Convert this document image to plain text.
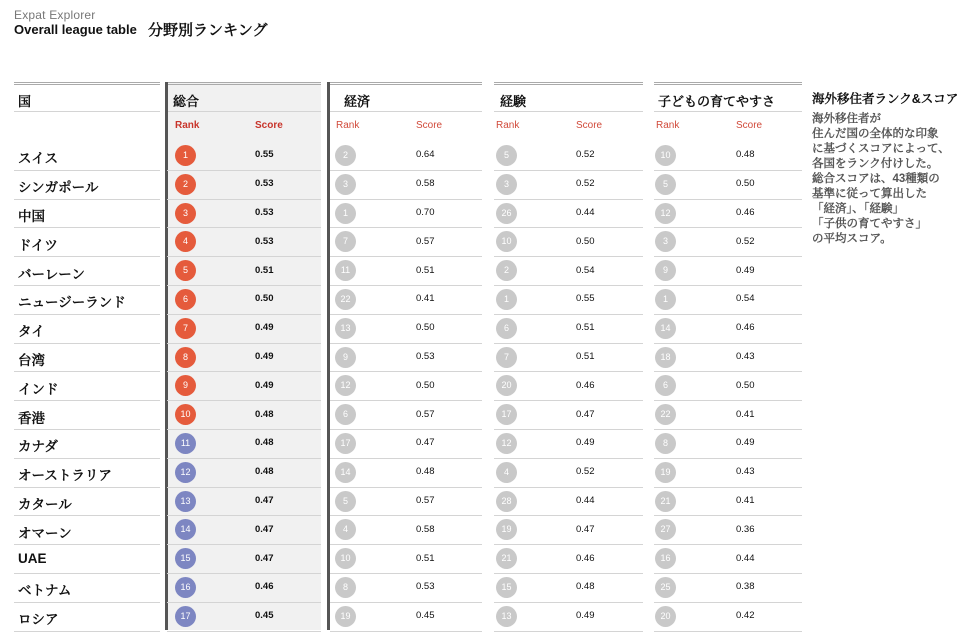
Expat Explorer
Overall league table 分野別ランキング
国	総合
Rank	Score
経済
Rank	Score
経験
Rank	Score
子どもの育てやすさ
Rank	Score
スイス	1	0.55	2	0.64	5	0.52	10	0.48
シンガポール	2	0.53	3	0.58	3	0.52	5	0.50
中国	3	0.53	1	0.70	26	0.44	12	0.46
ドイツ	4	0.53	7	0.57	10	0.50	3	0.52
バーレーン	5	0.51	11	0.51	2	0.54	9	0.49
ニュージーランド	6	0.50	22	0.41	1	0.55	1	0.54
タイ	7	0.49	13	0.50	6	0.51	14	0.46
台湾	8	0.49	9	0.53	7	0.51	18	0.43
インド	9	0.49	12	0.50	20	0.46	6	0.50
香港	10	0.48	6	0.57	17	0.47	22	0.41
カナダ	11	0.48	17	0.47	12	0.49	8	0.49
オーストラリア	12	0.48	14	0.48	4	0.52	19	0.43
カタール	13	0.47	5	0.57	28	0.44	21	0.41
オマーン	14	0.47	4	0.58	19	0.47	27	0.36
UAE	15	0.47	10	0.51	21	0.46	16	0.44
ベトナム	16	0.46	8	0.53	15	0.48	25	0.38
ロシア	17	0.45	19	0.45	13	0.49	20	0.42
海外移住者ランク&スコア
海外移住者が
住んだ国の全体的な印象
に基づくスコアによって、
各国をランク付けした。
総合スコアは、43種類の
基準に従って算出した
「経済」、「経験」
「子供の育てやすさ」
の平均スコア。
